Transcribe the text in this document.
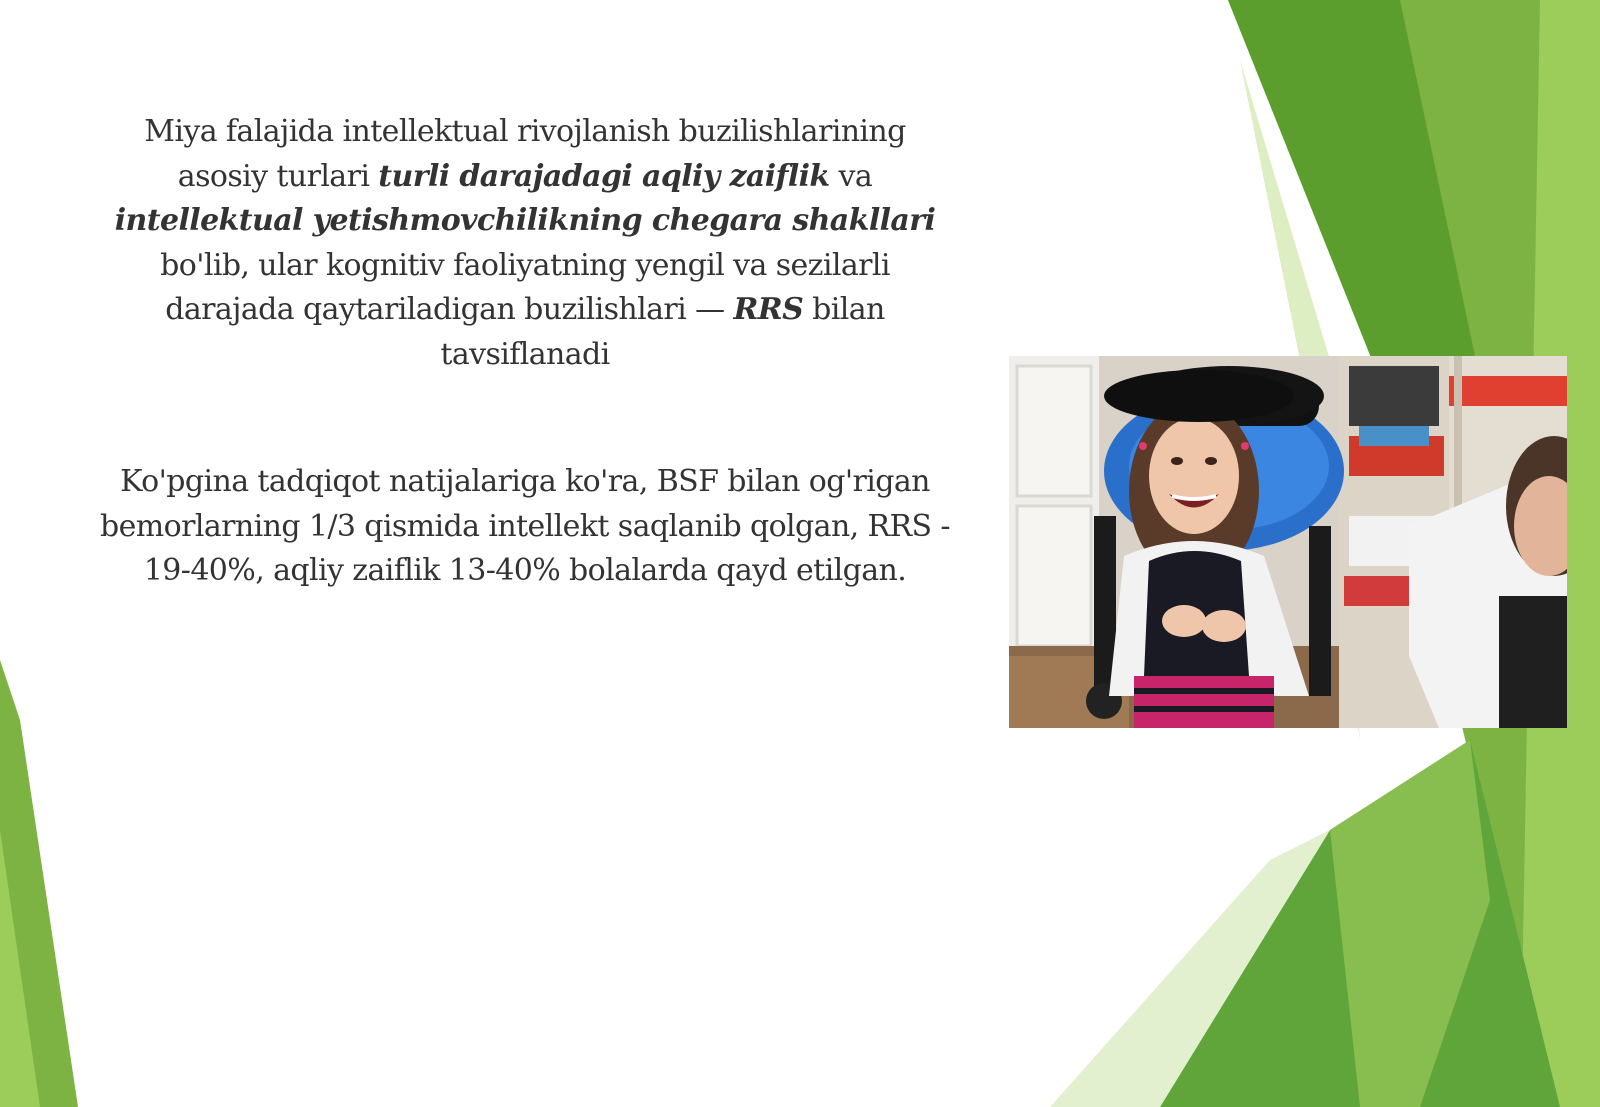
Miya falajida intellektual rivojlanish buzilishlarining asosiy turlari turli darajadagi aqliy zaiflik va intellektual yetishmovchilikning chegara shakllari bo'lib, ular kognitiv faoliyatning yengil va sezilarli darajada qaytariladigan buzilishlari — RRS bilan tavsiflanadi

Ko'pgina tadqiqot natijalariga ko'ra, BSF bilan og'rigan bemorlarning 1/3 qismida intellekt saqlanib qolgan, RRS - 19-40%, aqliy zaiflik 13-40% bolalarda qayd etilgan.
